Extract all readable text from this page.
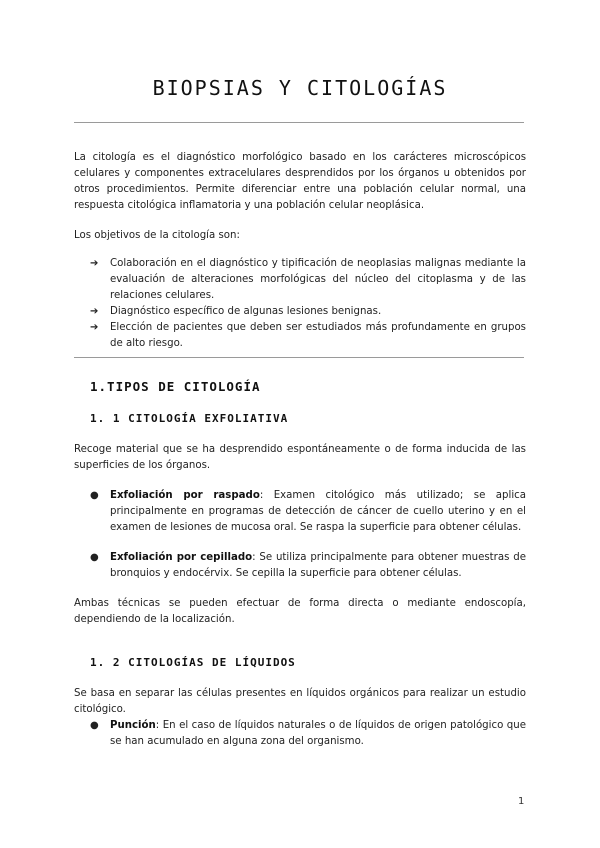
BIOPSIAS Y CITOLOGÍAS

La citología es el diagnóstico morfológico basado en los carácteres microscópicos celulares y componentes extracelulares desprendidos por los órganos u obtenidos por otros procedimientos. Permite diferenciar entre una población celular normal, una respuesta citológica inflamatoria y una población celular neoplásica.

Los objetivos de la citología son:

➔ Colaboración en el diagnóstico y tipificación de neoplasias malignas mediante la evaluación de alteraciones morfológicas del núcleo del citoplasma y de las relaciones celulares.
➔ Diagnóstico específico de algunas lesiones benignas.
➔ Elección de pacientes que deben ser estudiados más profundamente en grupos de alto riesgo.
1.TIPOS DE CITOLOGÍA
1. 1 CITOLOGÍA EXFOLIATIVA

Recoge material que se ha desprendido espontáneamente o de forma inducida de las superficies de los órganos.

● Exfoliación por raspado: Examen citológico más utilizado; se aplica principalmente en programas de detección de cáncer de cuello uterino y en el examen de lesiones de mucosa oral. Se raspa la superficie para obtener células.
● Exfoliación por cepillado: Se utiliza principalmente para obtener muestras de bronquios y endocérvix. Se cepilla la superficie para obtener células.

Ambas técnicas se pueden efectuar de forma directa o mediante endoscopía, dependiendo de la localización.

1. 2 CITOLOGÍAS DE LÍQUIDOS

Se basa en separar las células presentes en líquidos orgánicos para realizar un estudio citológico.

● Punción: En el caso de líquidos naturales o de líquidos de origen patológico que se han acumulado en alguna zona del organismo.
1
